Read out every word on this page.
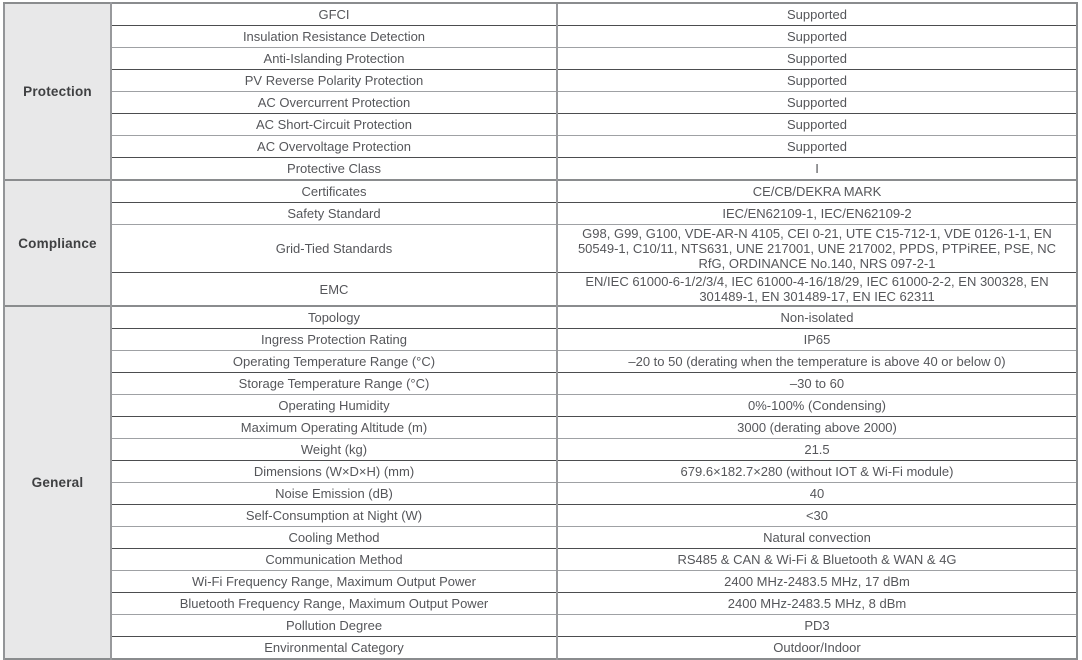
Protection	GFCI	Supported
	Insulation Resistance Detection	Supported
	Anti-Islanding Protection	Supported
	PV Reverse Polarity Protection	Supported
	AC Overcurrent Protection	Supported
	AC Short-Circuit Protection	Supported
	AC Overvoltage Protection	Supported
	Protective Class	I
Compliance	Certificates	CE/CB/DEKRA MARK
	Safety Standard	IEC/EN62109-1, IEC/EN62109-2
	Grid-Tied Standards	G98, G99, G100, VDE-AR-N 4105, CEI 0-21, UTE C15-712-1, VDE 0126-1-1, EN 50549-1, C10/11, NTS631, UNE 217001, UNE 217002, PPDS, PTPiREE, PSE, NC RfG, ORDINANCE No.140, NRS 097-2-1
	EMC	EN/IEC 61000-6-1/2/3/4, IEC 61000-4-16/18/29, IEC 61000-2-2, EN 300328, EN 301489-1, EN 301489-17, EN IEC 62311
General	Topology	Non-isolated
	Ingress Protection Rating	IP65
	Operating Temperature Range (°C)	–20 to 50 (derating when the temperature is above 40 or below 0)
	Storage Temperature Range (°C)	–30 to 60
	Operating Humidity	0%-100% (Condensing)
	Maximum Operating Altitude (m)	3000 (derating above 2000)
	Weight (kg)	21.5
	Dimensions (W×D×H) (mm)	679.6×182.7×280 (without IOT & Wi-Fi module)
	Noise Emission (dB)	40
	Self-Consumption at Night (W)	<30
	Cooling Method	Natural convection
	Communication Method	RS485 & CAN & Wi-Fi & Bluetooth & WAN & 4G
	Wi-Fi Frequency Range, Maximum Output Power	2400 MHz-2483.5 MHz, 17 dBm
	Bluetooth Frequency Range, Maximum Output Power	2400 MHz-2483.5 MHz, 8 dBm
	Pollution Degree	PD3
	Environmental Category	Outdoor/Indoor
